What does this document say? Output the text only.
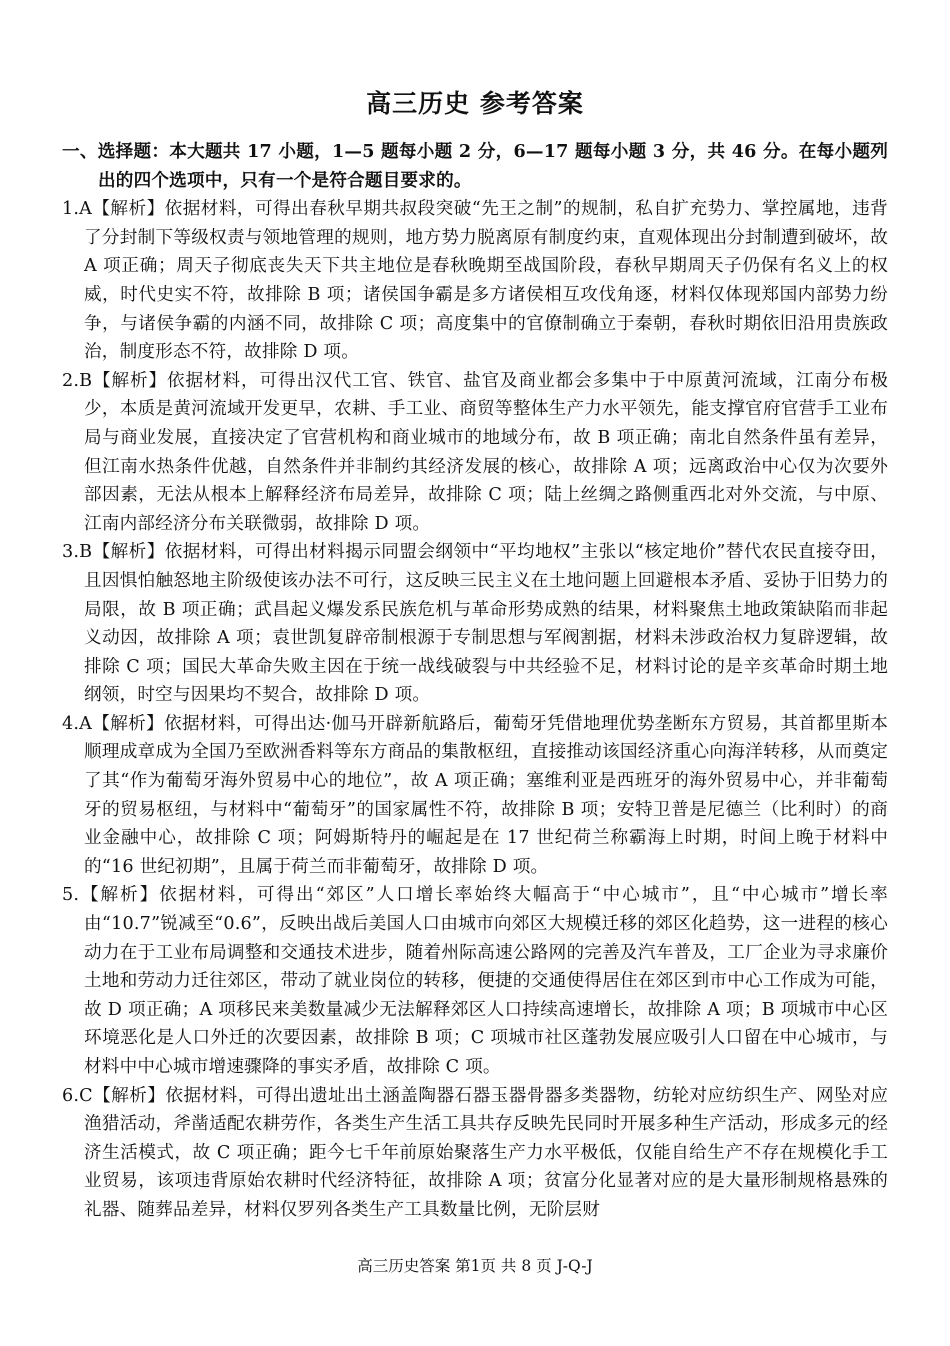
高三历史 参考答案

一、选择题：本大题共 17 小题，1—5 题每小题 2 分，6—17 题每小题 3 分，共 46 分。在每小题列出的四个选项中，只有一个是符合题目要求的。

1.A【解析】依据材料，可得出春秋早期共叔段突破“先王之制”的规制，私自扩充势力、掌控属地，违背了分封制下等级权责与领地管理的规则，地方势力脱离原有制度约束，直观体现出分封制遭到破坏，故 A 项正确；周天子彻底丧失天下共主地位是春秋晚期至战国阶段，春秋早期周天子仍保有名义上的权威，时代史实不符，故排除 B 项；诸侯国争霸是多方诸侯相互攻伐角逐，材料仅体现郑国内部势力纷争，与诸侯争霸的内涵不同，故排除 C 项；高度集中的官僚制确立于秦朝，春秋时期依旧沿用贵族政治，制度形态不符，故排除 D 项。

2.B【解析】依据材料，可得出汉代工官、铁官、盐官及商业都会多集中于中原黄河流域，江南分布极少，本质是黄河流域开发更早，农耕、手工业、商贸等整体生产力水平领先，能支撑官府官营手工业布局与商业发展，直接决定了官营机构和商业城市的地域分布，故 B 项正确；南北自然条件虽有差异，但江南水热条件优越，自然条件并非制约其经济发展的核心，故排除 A 项；远离政治中心仅为次要外部因素，无法从根本上解释经济布局差异，故排除 C 项；陆上丝绸之路侧重西北对外交流，与中原、江南内部经济分布关联微弱，故排除 D 项。

3.B【解析】依据材料，可得出材料揭示同盟会纲领中“平均地权”主张以“核定地价”替代农民直接夺田，且因惧怕触怒地主阶级使该办法不可行，这反映三民主义在土地问题上回避根本矛盾、妥协于旧势力的局限，故 B 项正确；武昌起义爆发系民族危机与革命形势成熟的结果，材料聚焦土地政策缺陷而非起义动因，故排除 A 项；袁世凯复辟帝制根源于专制思想与军阀割据，材料未涉政治权力复辟逻辑，故排除 C 项；国民大革命失败主因在于统一战线破裂与中共经验不足，材料讨论的是辛亥革命时期土地纲领，时空与因果均不契合，故排除 D 项。

4.A【解析】依据材料，可得出达·伽马开辟新航路后，葡萄牙凭借地理优势垄断东方贸易，其首都里斯本顺理成章成为全国乃至欧洲香料等东方商品的集散枢纽，直接推动该国经济重心向海洋转移，从而奠定了其“作为葡萄牙海外贸易中心的地位”，故 A 项正确；塞维利亚是西班牙的海外贸易中心，并非葡萄牙的贸易枢纽，与材料中“葡萄牙”的国家属性不符，故排除 B 项；安特卫普是尼德兰（比利时）的商业金融中心，故排除 C 项；阿姆斯特丹的崛起是在 17 世纪荷兰称霸海上时期，时间上晚于材料中的“16 世纪初期”，且属于荷兰而非葡萄牙，故排除 D 项。

5.【解析】依据材料，可得出“郊区”人口增长率始终大幅高于“中心城市”，且“中心城市”增长率由“10.7”锐减至“0.6”，反映出战后美国人口由城市向郊区大规模迁移的郊区化趋势，这一进程的核心动力在于工业布局调整和交通技术进步，随着州际高速公路网的完善及汽车普及，工厂企业为寻求廉价土地和劳动力迁往郊区，带动了就业岗位的转移，便捷的交通使得居住在郊区到市中心工作成为可能，故 D 项正确；A 项移民来美数量减少无法解释郊区人口持续高速增长，故排除 A 项；B 项城市中心区环境恶化是人口外迁的次要因素，故排除 B 项；C 项城市社区蓬勃发展应吸引人口留在中心城市，与材料中中心城市增速骤降的事实矛盾，故排除 C 项。

6.C【解析】依据材料，可得出遗址出土涵盖陶器石器玉器骨器多类器物，纺轮对应纺织生产、网坠对应渔猎活动，斧凿适配农耕劳作，各类生产生活工具共存反映先民同时开展多种生产活动，形成多元的经济生活模式，故 C 项正确；距今七千年前原始聚落生产力水平极低，仅能自给生产不存在规模化手工业贸易，该项违背原始农耕时代经济特征，故排除 A 项；贫富分化显著对应的是大量形制规格悬殊的礼器、随葬品差异，材料仅罗列各类生产工具数量比例，无阶层财

高三历史答案 第1页 共 8 页 J-Q-J
